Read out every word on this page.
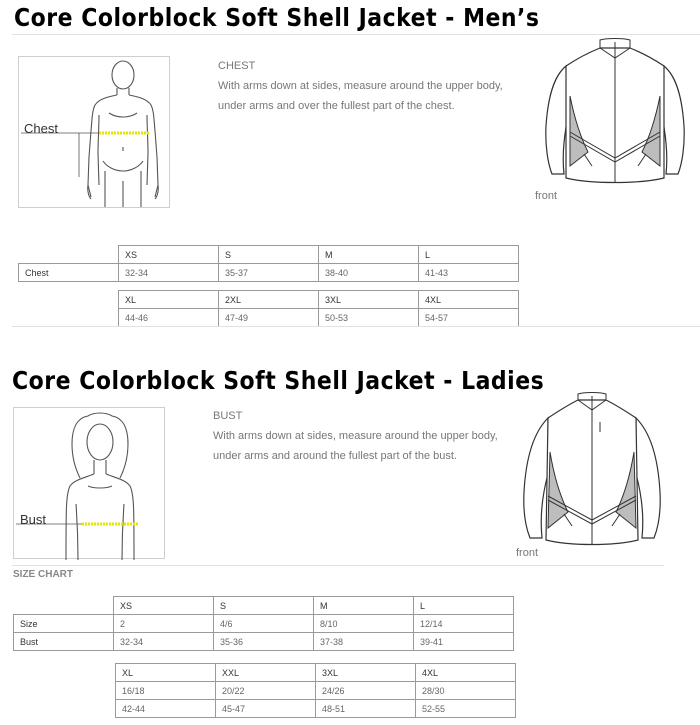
Core Colorblock Soft Shell Jacket - Men’s
Chest
CHEST
With arms down at sides, measure around the upper body, under arms and over the fullest part of the chest.
front
	XS	S	M	L
Chest	32-34	35-37	38-40	41-43
XL	2XL	3XL	4XL
44-46	47-49	50-53	54-57
Core Colorblock Soft Shell Jacket - Ladies
Bust
BUST
With arms down at sides, measure around the upper body, under arms and around the fullest part of the bust.
front
SIZE CHART
	XS	S	M	L
Size	2	4/6	8/10	12/14
Bust	32-34	35-36	37-38	39-41
XL	XXL	3XL	4XL
16/18	20/22	24/26	28/30
42-44	45-47	48-51	52-55
